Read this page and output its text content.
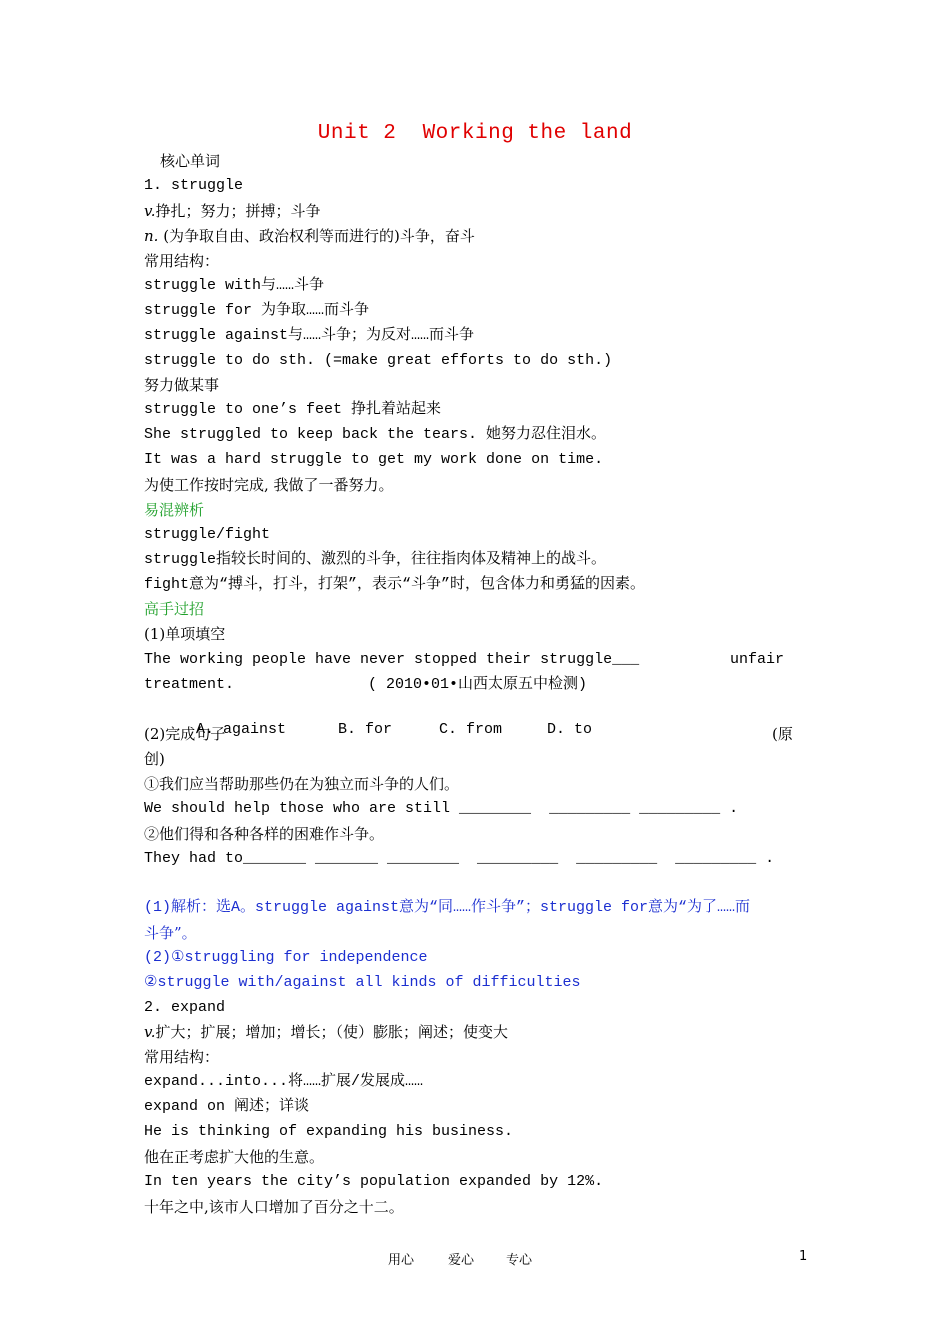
Unit 2  Working the land
核心单词
1. struggle
v.挣扎；努力；拼搏；斗争
n. (为争取自由、政治权利等而进行的)斗争，奋斗
常用结构：
struggle with与……斗争
struggle for 为争取……而斗争
struggle against与……斗争；为反对……而斗争
struggle to do sth. (=make great efforts to do sth.)
努力做某事
struggle to one’s feet 挣扎着站起来
She struggled to keep back the tears. 她努力忍住泪水。
It was a hard struggle to get my work done on time.
为使工作按时完成, 我做了一番努力。
易混辨析
struggle/fight
struggle指较长时间的、激烈的斗争，往往指肉体及精神上的战斗。
fight意为“搏斗，打斗，打架”，表示“斗争”时，包含体力和勇猛的因素。
高手过招
(1)单项填空
The working people have never stopped their struggle___	unfair
treatment.	( 2010•01•山西太原五中检测)

A. against	B. for	C. from	D. to

(2)完成句子	(原
创)
①我们应当帮助那些仍在为独立而斗争的人们。
We should help those who are still ________  _________ _________ .
②他们得和各种各样的困难作斗争。
They had to_______ _______ ________  _________  _________  _________ .
(1)解析：选A。struggle against意为“同……作斗争”；struggle for意为“为了……而
斗争”。
(2)①struggling for independence
②struggle with/against all kinds of difficulties
2. expand
v.扩大；扩展；增加；增长；（使）膨胀；阐述；使变大
常用结构：
expand...into...将……扩展/发展成……
expand on 阐述；详谈
He is thinking of expanding his business.
他在正考虑扩大他的生意。
In ten years the city’s population expanded by 12%.
十年之中,该市人口增加了百分之十二。
用心	爱心 专心	1
